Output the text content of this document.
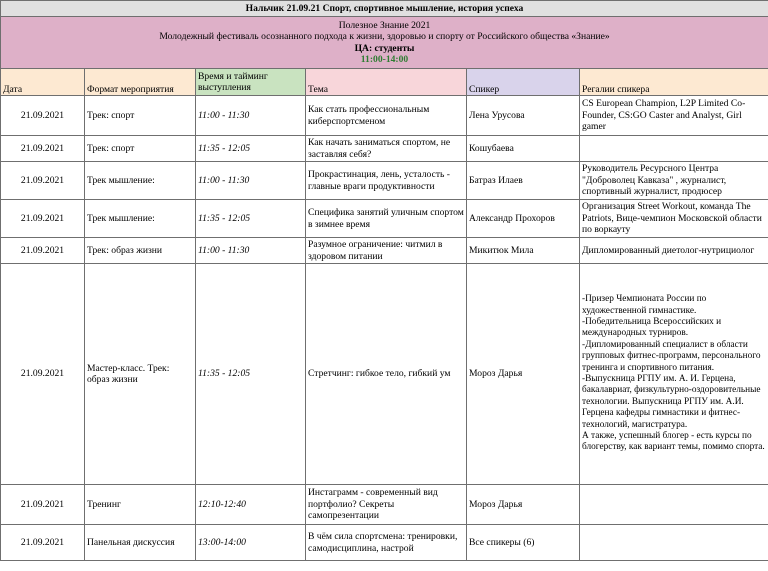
Нальчик 21.09.21 Спорт, спортивное мышление, история успеха					

Полезное Знание 2021
Молодежный фестиваль осознанного подхода к жизни, здоровью и спорту от Российского общества «Знание»
ЦА: студенты
11:00-14:00					

Дата	Формат мероприятия	Время и тайминг выступления	Тема	Спикер	Регалии спикера
21.09.2021	Трек: спорт	11:00 - 11:30	Как стать профессиональным киберспортсменом	Лена Урусова	CS European Champion, L2P Limited Co-Founder, CS:GO Caster and Analyst, Girl gamer
21.09.2021	Трек: спорт	11:35 - 12:05	Как начать заниматься спортом, не заставляя себя?	Кошубаева	
21.09.2021	Трек мышление:	11:00 - 11:30	Прокрастинация, лень, усталость - главные враги продуктивности	Батраз Илаев	Руководитель Ресурсного Центра "Доброволец Кавказа" , журналист, спортивный журналист, продюсер
21.09.2021	Трек мышление:	11:35 - 12:05	Специфика занятий уличным спортом в зимнее время	Александр Прохоров	Организация Street Workout, команда The Patriots, Вице-чемпион Московской области по воркауту
21.09.2021	Трек: образ жизни	11:00 - 11:30	Разумное ограничение: читмил в здоровом питании	Микитюк Мила	Дипломированный диетолог-нутрициолог
21.09.2021	Мастер-класс. Трек: образ жизни	11:35 - 12:05	Стретчинг: гибкое тело, гибкий ум	Мороз Дарья	-Призер Чемпионата России по художественной гимнастике.
-Победительница Всероссийских и международных турниров.
-Дипломированный специалист в области групповых фитнес-программ, персонального тренинга и спортивного питания.
-Выпускница РГПУ им. А. И. Герцена, бакалавриат, физкультурно-оздоровительные технологии. Выпускница РГПУ им. А.И. Герцена кафедры гимнастики и фитнес-технологий, магистратура.
А также, успешный блогер - есть курсы по блогерству, как вариант темы, помимо спорта.
21.09.2021	Тренинг	12:10-12:40	Инстаграмм - современный вид портфолио? Секреты самопрезентации	Мороз Дарья	
21.09.2021	Панельная дискуссия	13:00-14:00	В чём сила спортсмена: тренировки, самодисциплина, настрой	Все спикеры (6)	
